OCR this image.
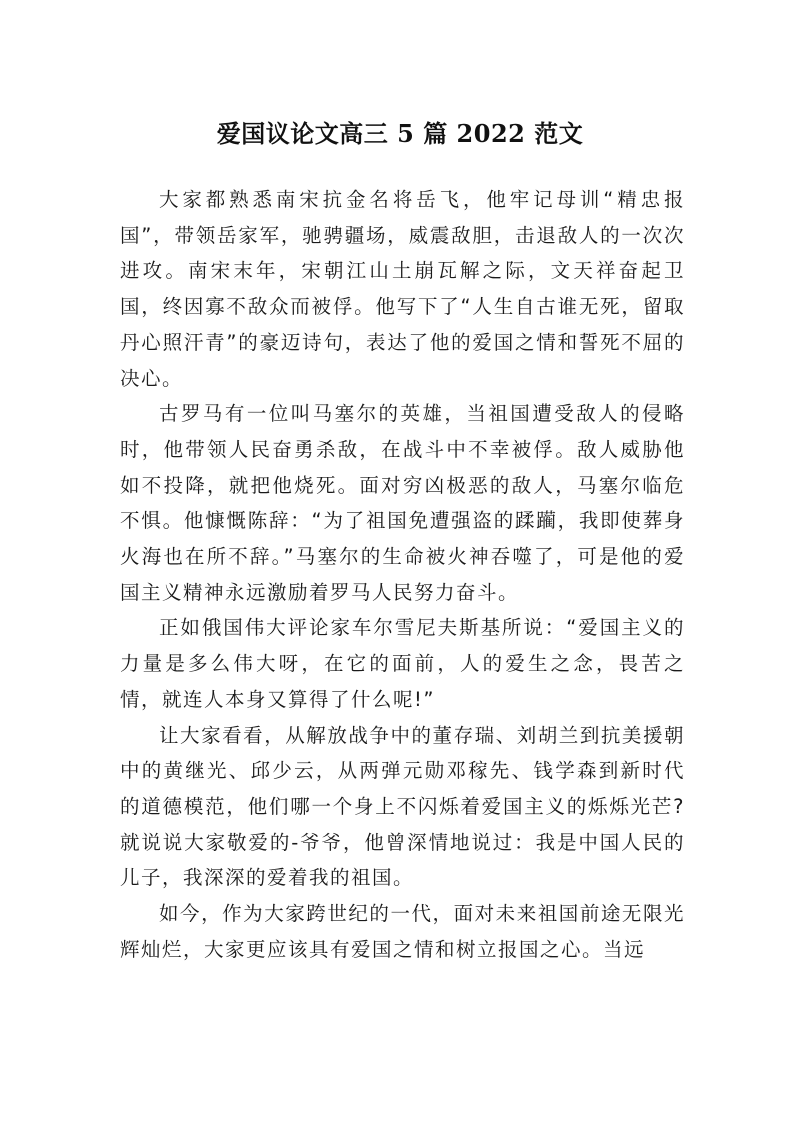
爱国议论文高三 5 篇 2022 范文

大家都熟悉南宋抗金名将岳飞，他牢记母训“精忠报国”，带领岳家军，驰骋疆场，威震敌胆，击退敌人的一次次进攻。南宋末年，宋朝江山土崩瓦解之际，文天祥奋起卫国，终因寡不敌众而被俘。他写下了“人生自古谁无死，留取丹心照汗青”的豪迈诗句，表达了他的爱国之情和誓死不屈的决心。

古罗马有一位叫马塞尔的英雄，当祖国遭受敌人的侵略时，他带领人民奋勇杀敌，在战斗中不幸被俘。敌人威胁他如不投降，就把他烧死。面对穷凶极恶的敌人，马塞尔临危不惧。他慷慨陈辞：“为了祖国免遭强盗的蹂躏，我即使葬身火海也在所不辞。”马塞尔的生命被火神吞噬了，可是他的爱国主义精神永远激励着罗马人民努力奋斗。

正如俄国伟大评论家车尔雪尼夫斯基所说：“爱国主义的力量是多么伟大呀，在它的面前，人的爱生之念，畏苦之情，就连人本身又算得了什么呢!”

让大家看看，从解放战争中的董存瑞、刘胡兰到抗美援朝中的黄继光、邱少云，从两弹元勋邓稼先、钱学森到新时代的道德模范，他们哪一个身上不闪烁着爱国主义的烁烁光芒?就说说大家敬爱的-爷爷，他曾深情地说过：我是中国人民的儿子，我深深的爱着我的祖国。

如今，作为大家跨世纪的一代，面对未来祖国前途无限光辉灿烂，大家更应该具有爱国之情和树立报国之心。当远
